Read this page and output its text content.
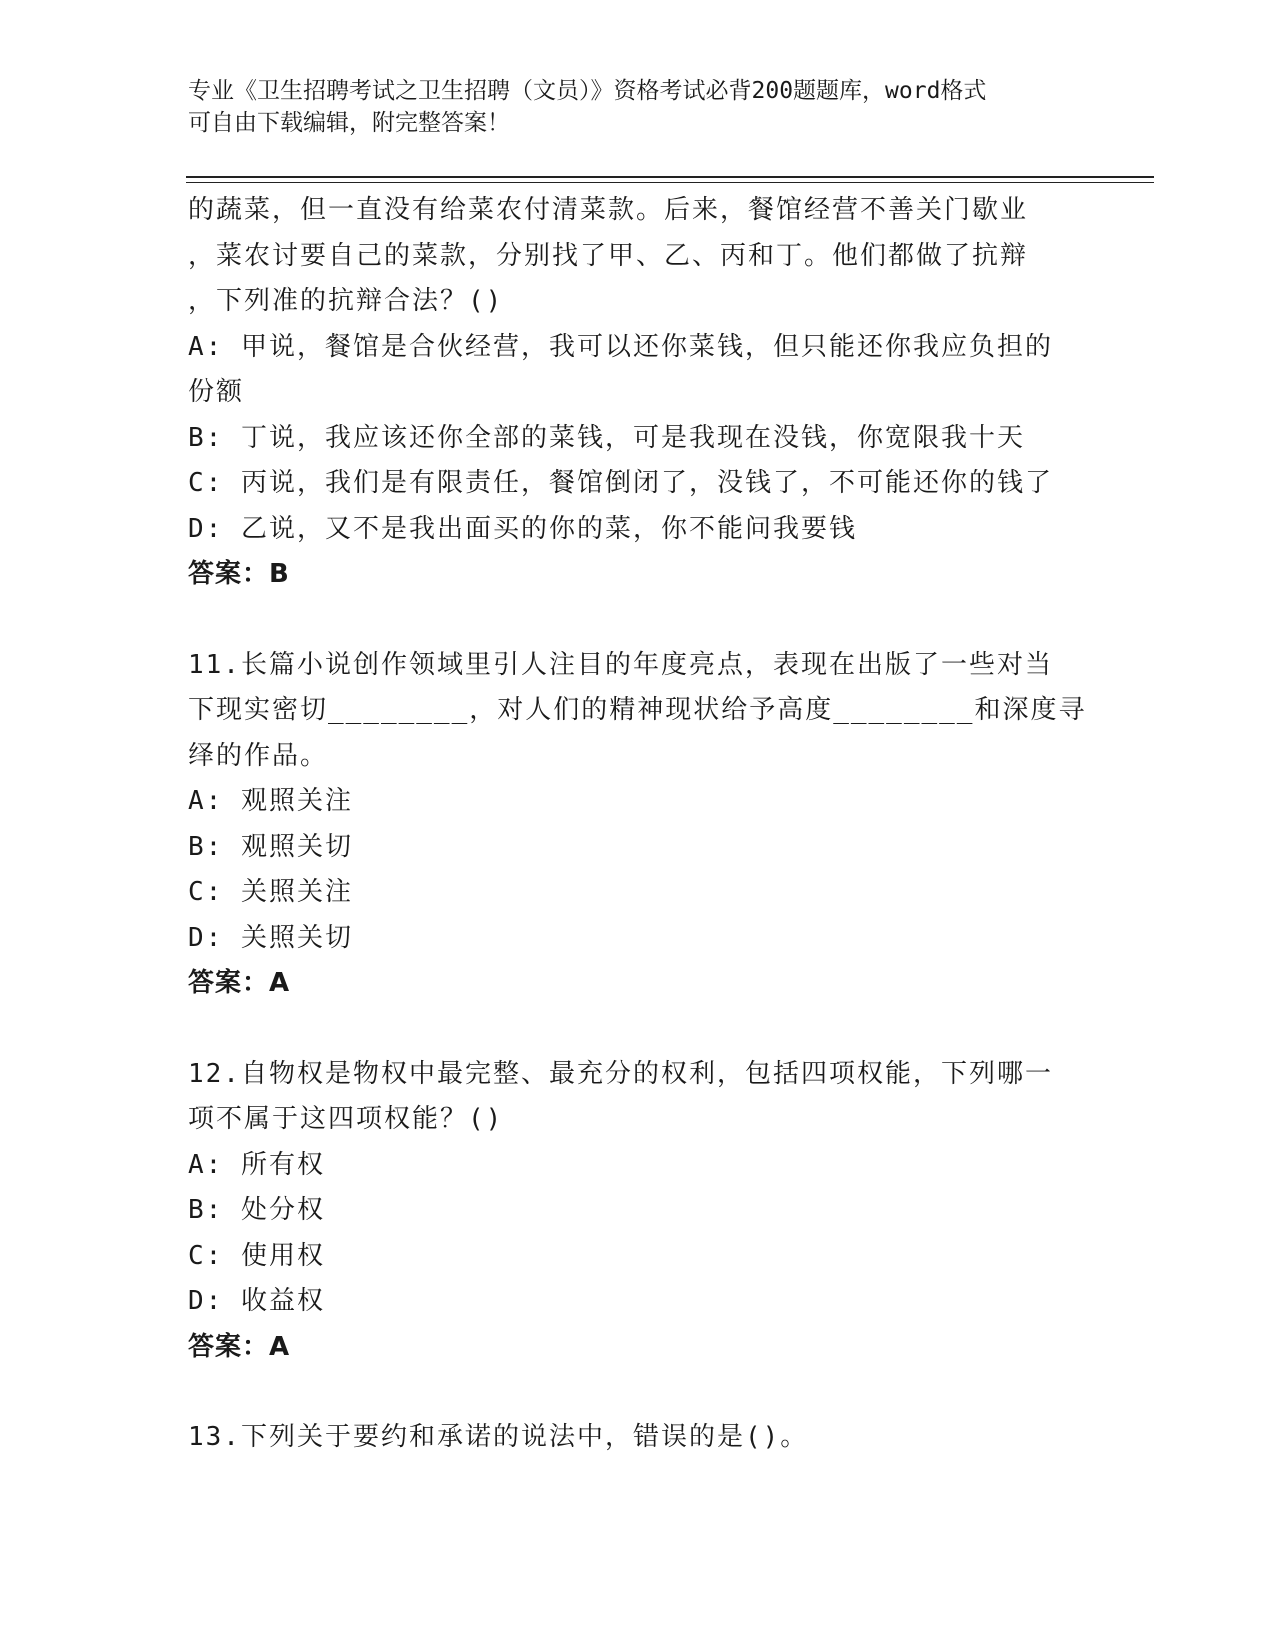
专业《卫生招聘考试之卫生招聘（文员）》资格考试必背200题题库，word格式
可自由下载编辑，附完整答案！
的蔬菜，但一直没有给菜农付清菜款。后来，餐馆经营不善关门歇业
，菜农讨要自己的菜款，分别找了甲、乙、丙和丁。他们都做了抗辩
，下列准的抗辩合法？()
A: 甲说，餐馆是合伙经营，我可以还你菜钱，但只能还你我应负担的
份额
B: 丁说，我应该还你全部的菜钱，可是我现在没钱，你宽限我十天
C: 丙说，我们是有限责任，餐馆倒闭了，没钱了，不可能还你的钱了
D: 乙说，又不是我出面买的你的菜，你不能问我要钱
答案：B
11.长篇小说创作领域里引人注目的年度亮点，表现在出版了一些对当
下现实密切________，对人们的精神现状给予高度________和深度寻
绎的作品。
A: 观照关注
B: 观照关切
C: 关照关注
D: 关照关切
答案：A
12.自物权是物权中最完整、最充分的权利，包括四项权能，下列哪一
项不属于这四项权能？()
A: 所有权
B: 处分权
C: 使用权
D: 收益权
答案：A
13.下列关于要约和承诺的说法中，错误的是()。
